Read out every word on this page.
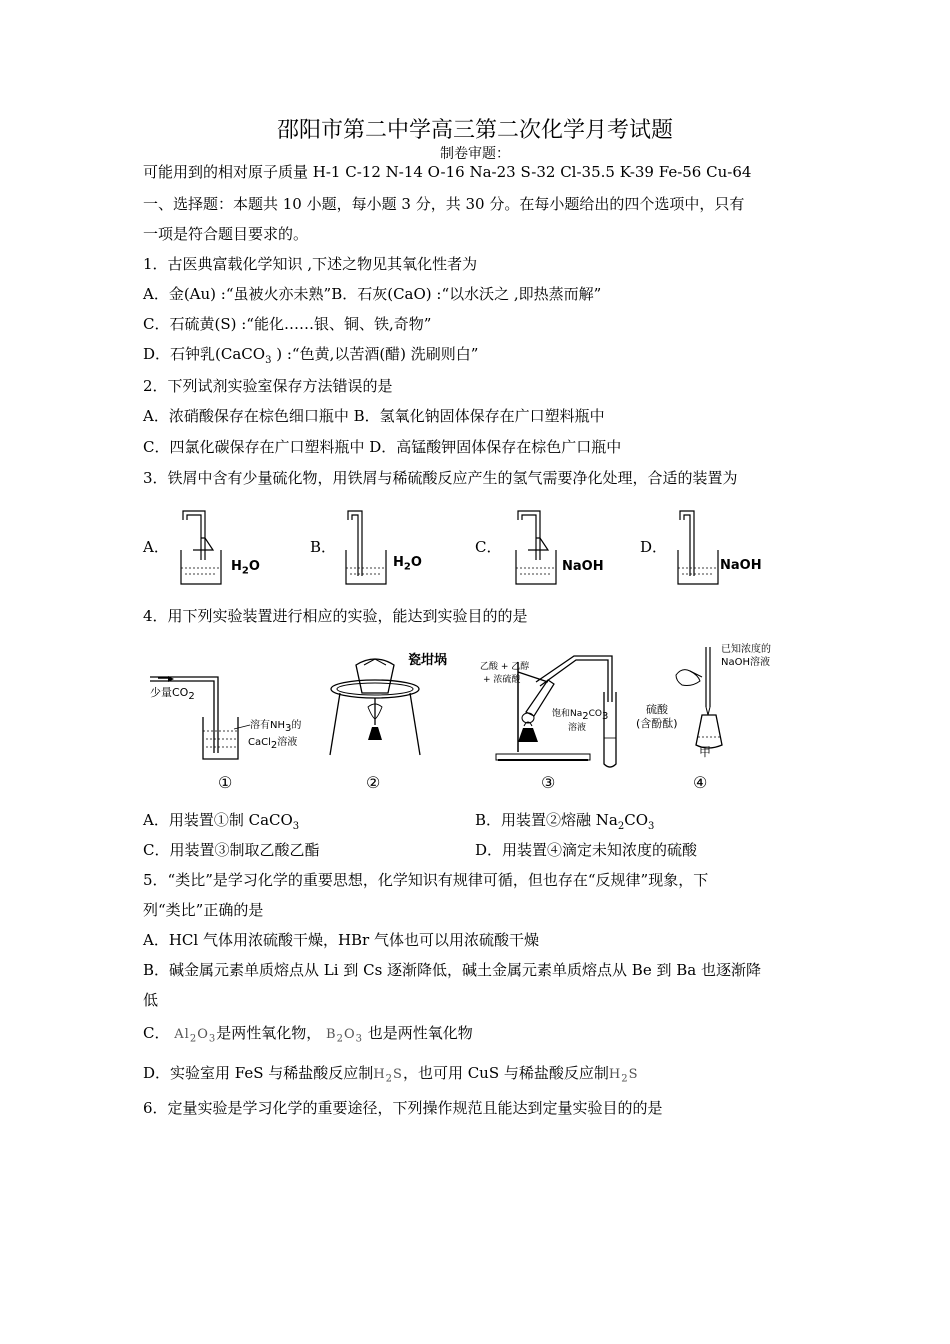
邵阳市第二中学高三第二次化学月考试题
制卷审题：
可能用到的相对原子质量 H-1 C-12 N-14 O-16 Na-23 S-32 Cl-35.5 K-39 Fe-56 Cu-64
一、选择题：本题共 10 小题，每小题 3 分，共 30 分。在每小题给出的四个选项中，只有
一项是符合题目要求的。
1．古医典富载化学知识 ,下述之物见其氧化性者为
A．金(Au) :“虽被火亦未熟”B．石灰(CaO) :“以水沃之 ,即热蒸而解”
C．石硫黄(S) :“能化……银、铜、铁,奇物”
D．石钟乳(CaCO$_3$ ) :“色黄,以苦酒(醋) 洗刷则白”
2．下列试剂实验室保存方法错误的是
A．浓硝酸保存在棕色细口瓶中 B．氢氧化钠固体保存在广口塑料瓶中
C．四氯化碳保存在广口塑料瓶中 D．高锰酸钾固体保存在棕色广口瓶中
3．铁屑中含有少量硫化物，用铁屑与稀硫酸反应产生的氢气需要净化处理，合适的装置为
A．
$H_2O$
B．
$H_2O$
C．
NaOH
D．
NaOH
4．用下列实验装置进行相应的实验，能达到实验目的的是
少量$CO_2$
溶有$NH_3$的
CaCl$_2$溶液
①
瓷坩埚
②
乙酸 + 乙醇
+ 浓硫酸
饱和$Na_2CO_3$
溶液
③
已知浓度的
NaOH溶液
硫酸
(含酚酞)
甲
④
A．用装置①制 CaCO$_3$	B．用装置②熔融 $Na_2CO_3$
C．用装置③制取乙酸乙酯	D．用装置④滴定未知浓度的硫酸
5．“类比”是学习化学的重要思想，化学知识有规律可循，但也存在“反规律”现象，下
列“类比”正确的是
A．HCl 气体用浓硫酸干燥，HBr 气体也可以用浓硫酸干燥
B．碱金属元素单质熔点从 Li 到 Cs 逐渐降低，碱土金属元素单质熔点从 Be 到 Ba 也逐渐降
低
C． $Al_2O_3$是两性氧化物， $B_2O_3$ 也是两性氧化物
D．实验室用 FeS 与稀盐酸反应制$H_2S$，也可用 CuS 与稀盐酸反应制$H_2S$
6．定量实验是学习化学的重要途径，下列操作规范且能达到定量实验目的的是
